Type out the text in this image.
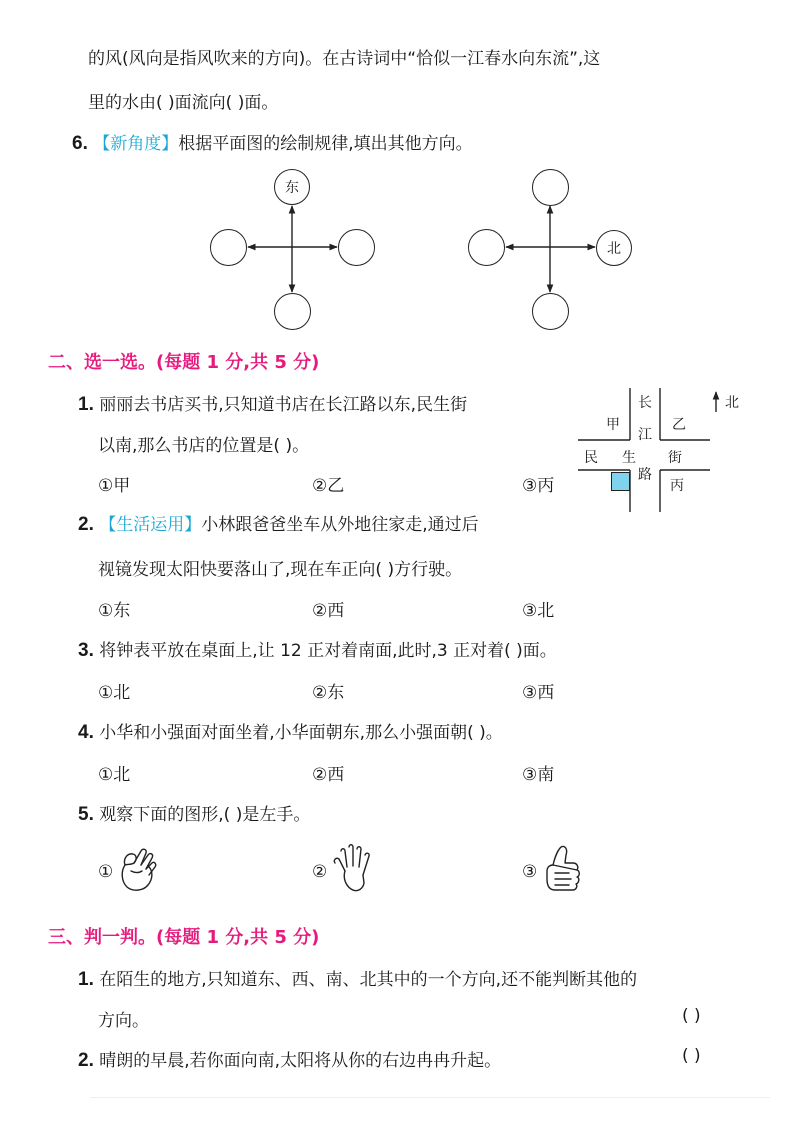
的风(风向是指风吹来的方向)。在古诗词中“恰似一江春水向东流”,这
里的水由( )面流向( )面。
6. 【新角度】根据平面图的绘制规律,填出其他方向。
东
北
二、选一选。(每题 1 分,共 5 分)
1. 丽丽去书店买书,只知道书店在长江路以东,民生街
以南,那么书店的位置是( )。
①甲	②乙	③丙
北
长
江
路
民 生 街
甲	乙
丙
2. 【生活运用】小林跟爸爸坐车从外地往家走,通过后
视镜发现太阳快要落山了,现在车正向( )方行驶。
①东	②西	③北
3. 将钟表平放在桌面上,让 12 正对着南面,此时,3 正对着( )面。
①北	②东	③西
4. 小华和小强面对面坐着,小华面朝东,那么小强面朝( )。
①北	②西	③南
5. 观察下面的图形,( )是左手。
①	②	③
三、判一判。(每题 1 分,共 5 分)
1. 在陌生的地方,只知道东、西、南、北其中的一个方向,还不能判断其他的
方向。	( )
2. 晴朗的早晨,若你面向南,太阳将从你的右边冉冉升起。	( )
